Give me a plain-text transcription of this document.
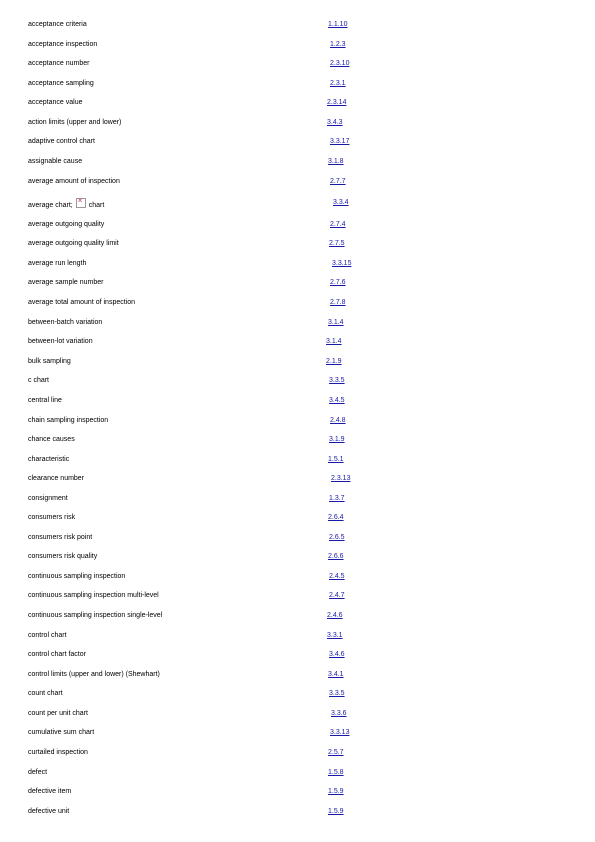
acceptance criteria	1.1.10
acceptance inspection	1.2.3
acceptance number	2.3.10
acceptance sampling	2.3.1
acceptance value	2.3.14
action limits (upper and lower)	3.4.3
adaptive control chart	3.3.17
assignable cause	3.1.8
average amount of inspection	2.7.7
average chart;× chart	3.3.4
average outgoing quality	2.7.4
average outgoing quality limit	2.7.5
average run length	3.3.15
average sample number	2.7.6
average total amount of inspection	2.7.8
between-batch variation	3.1.4
between-lot variation	3.1.4
bulk sampling	2.1.9
c chart	3.3.5
central line	3.4.5
chain sampling inspection	2.4.8
chance causes	3.1.9
characteristic	1.5.1
clearance number	2.3.13
consignment	1.3.7
consumers risk	2.6.4
consumers risk point	2.6.5
consumers risk quality	2.6.6
continuous sampling inspection	2.4.5
continuous sampling inspection multi-level	2.4.7
continuous sampling inspection single-level	2.4.6
control chart	3.3.1
control chart factor	3.4.6
control limits (upper and lower) (Shewhart)	3.4.1
count chart	3.3.5
count per unit chart	3.3.6
cumulative sum chart	3.3.13
curtailed inspection	2.5.7
defect	1.5.8
defective item	1.5.9
defective unit	1.5.9
